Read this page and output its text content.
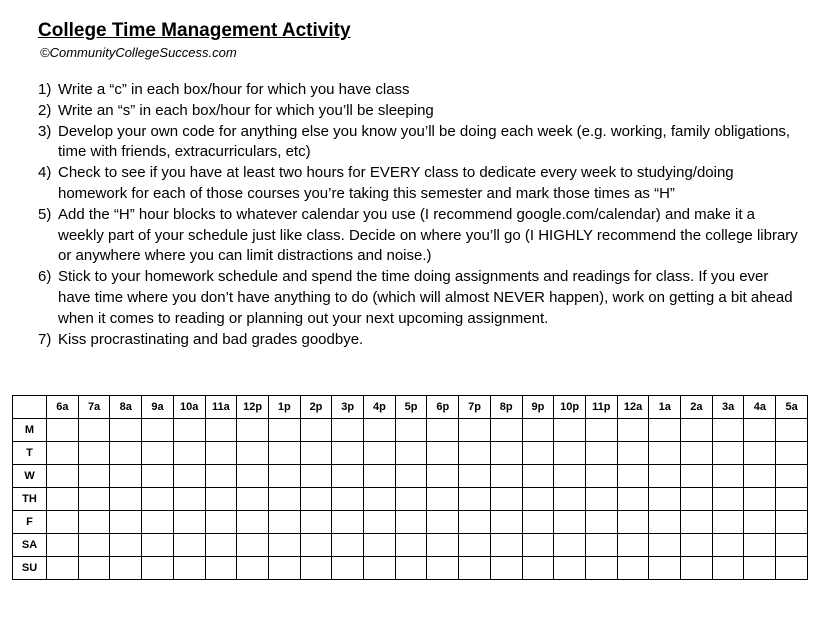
College Time Management Activity
©CommunityCollegeSuccess.com
1) Write a “c” in each box/hour for which you have class
2) Write an “s” in each box/hour for which you’ll be sleeping
3) Develop your own code for anything else you know you’ll be doing each week (e.g. working, family obligations, time with friends, extracurriculars, etc)
4) Check to see if you have at least two hours for EVERY class to dedicate every week to studying/doing homework for each of those courses you’re taking this semester and mark those times as “H”
5) Add the “H” hour blocks to whatever calendar you use (I recommend google.com/calendar) and make it a weekly part of your schedule just like class. Decide on where you’ll go (I HIGHLY recommend the college library or anywhere where you can limit distractions and noise.)
6) Stick to your homework schedule and spend the time doing assignments and readings for class. If you ever have time where you don’t have anything to do (which will almost NEVER happen), work on getting a bit ahead when it comes to reading or planning out your next upcoming assignment.
7) Kiss procrastinating and bad grades goodbye.
	6a	7a	8a	9a	10a	11a	12p	1p	2p	3p	4p	5p	6p	7p	8p	9p	10p	11p	12a	1a	2a	3a	4a	5a
M																								
T																								
W																								
TH																								
F																								
SA																								
SU																								
